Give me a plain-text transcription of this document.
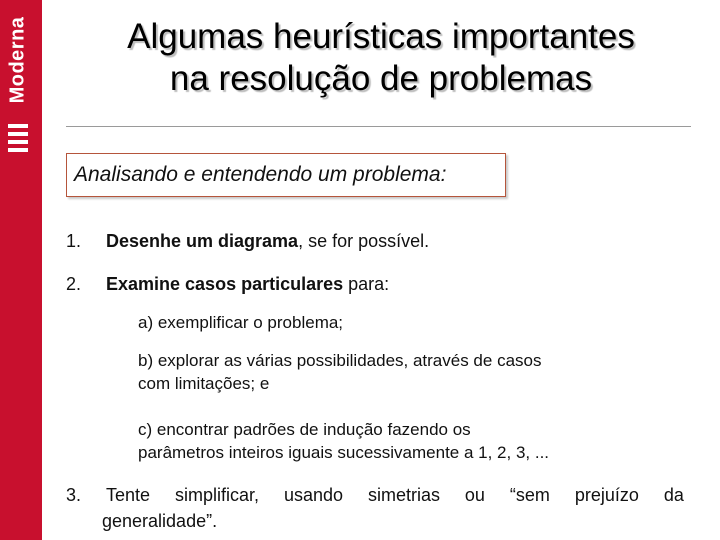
Moderna	Algumas heurísticas importantes
na resolução de problemas
Analisando e entendendo um problema:
1. Desenhe um diagrama, se for possível.
2. Examine casos particulares para:
a) exemplificar o problema;
b) explorar as várias possibilidades, através de casos
com limitações; e
c) encontrar padrões de indução fazendo os
parâmetros inteiros iguais sucessivamente a 1, 2, 3, ...
3. Tente simplificar, usando simetrias ou “sem prejuízo da
generalidade”.
